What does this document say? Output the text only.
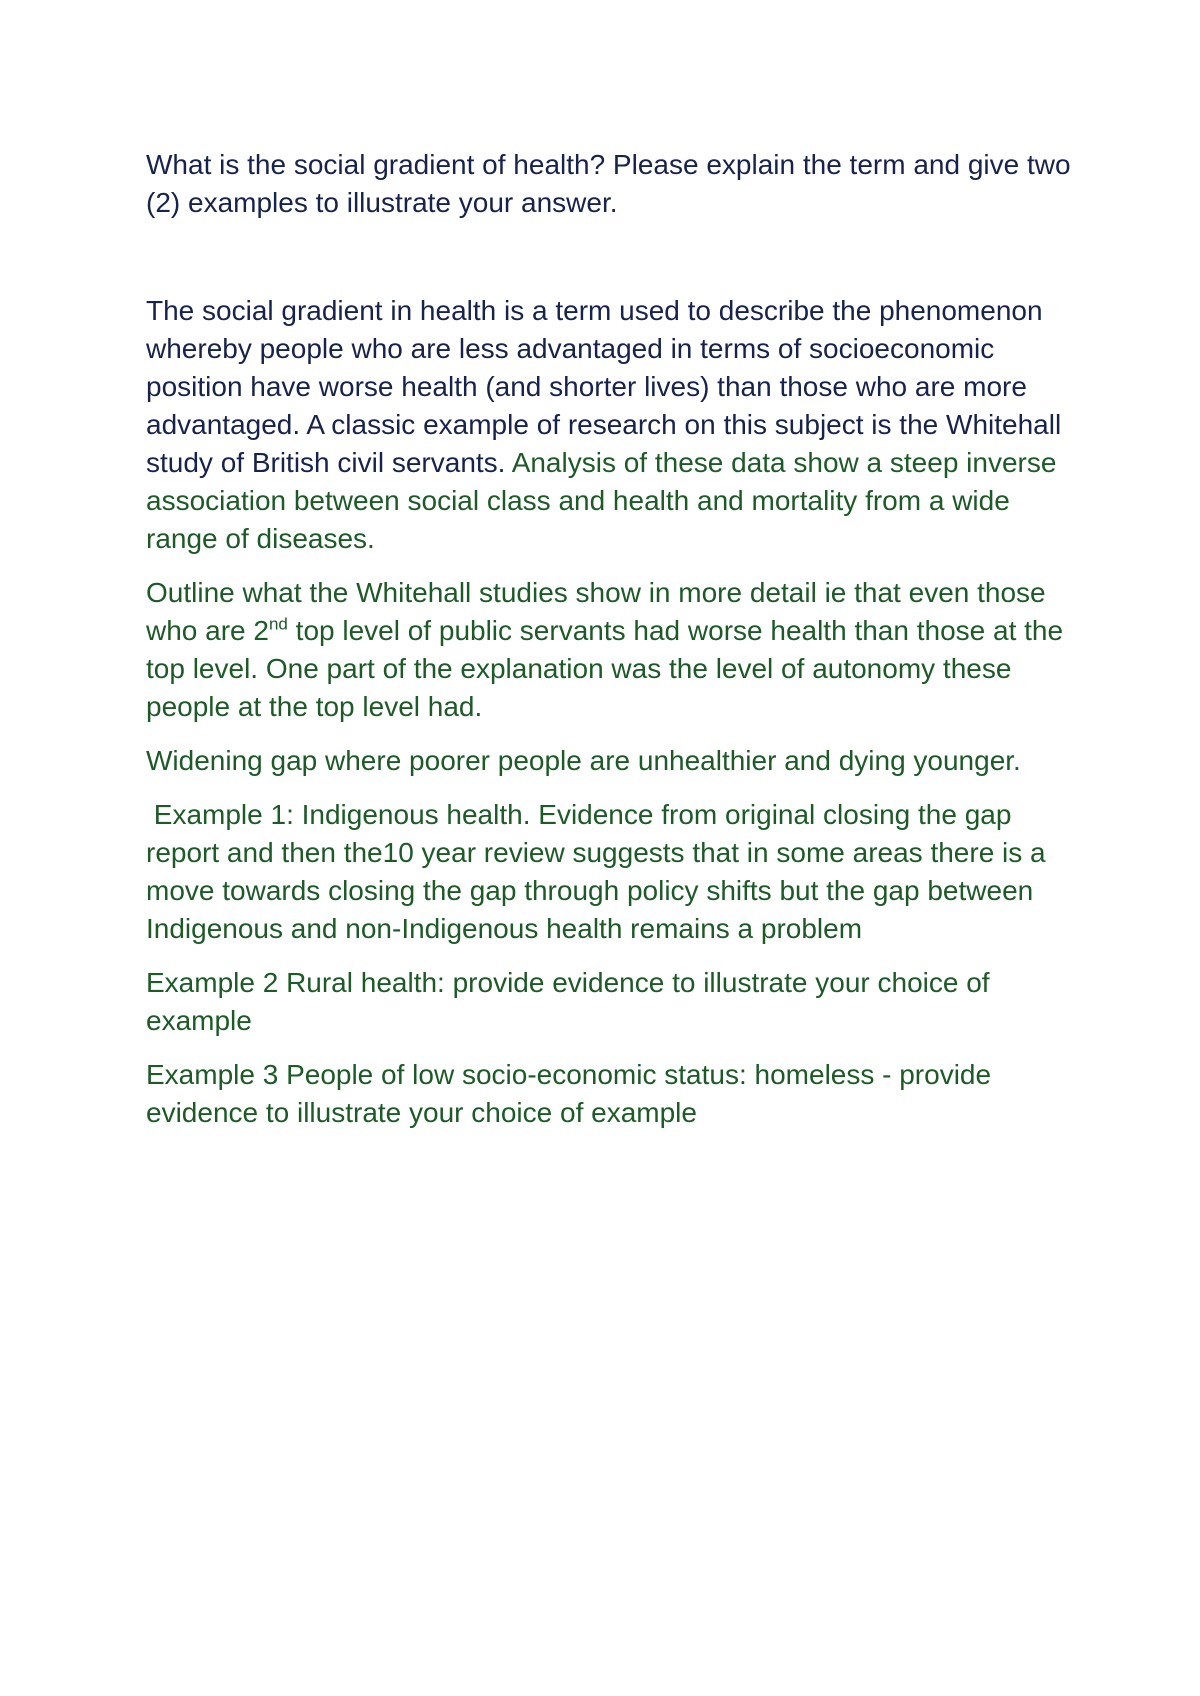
What is the social gradient of health? Please explain the term and give two (2) examples to illustrate your answer.

The social gradient in health is a term used to describe the phenomenon whereby people who are less advantaged in terms of socioeconomic position have worse health (and shorter lives) than those who are more advantaged. A classic example of research on this subject is the Whitehall study of British civil servants. Analysis of these data show a steep inverse association between social class and health and mortality from a wide range of diseases.

Outline what the Whitehall studies show in more detail ie that even those who are 2nd top level of public servants had worse health than those at the top level. One part of the explanation was the level of autonomy these people at the top level had.

Widening gap where poorer people are unhealthier and dying younger.

Example 1: Indigenous health. Evidence from original closing the gap report and then the10 year review suggests that in some areas there is a move towards closing the gap through policy shifts but the gap between Indigenous and non-Indigenous health remains a problem

Example 2 Rural health: provide evidence to illustrate your choice of example

Example 3 People of low socio-economic status: homeless - provide evidence to illustrate your choice of example
